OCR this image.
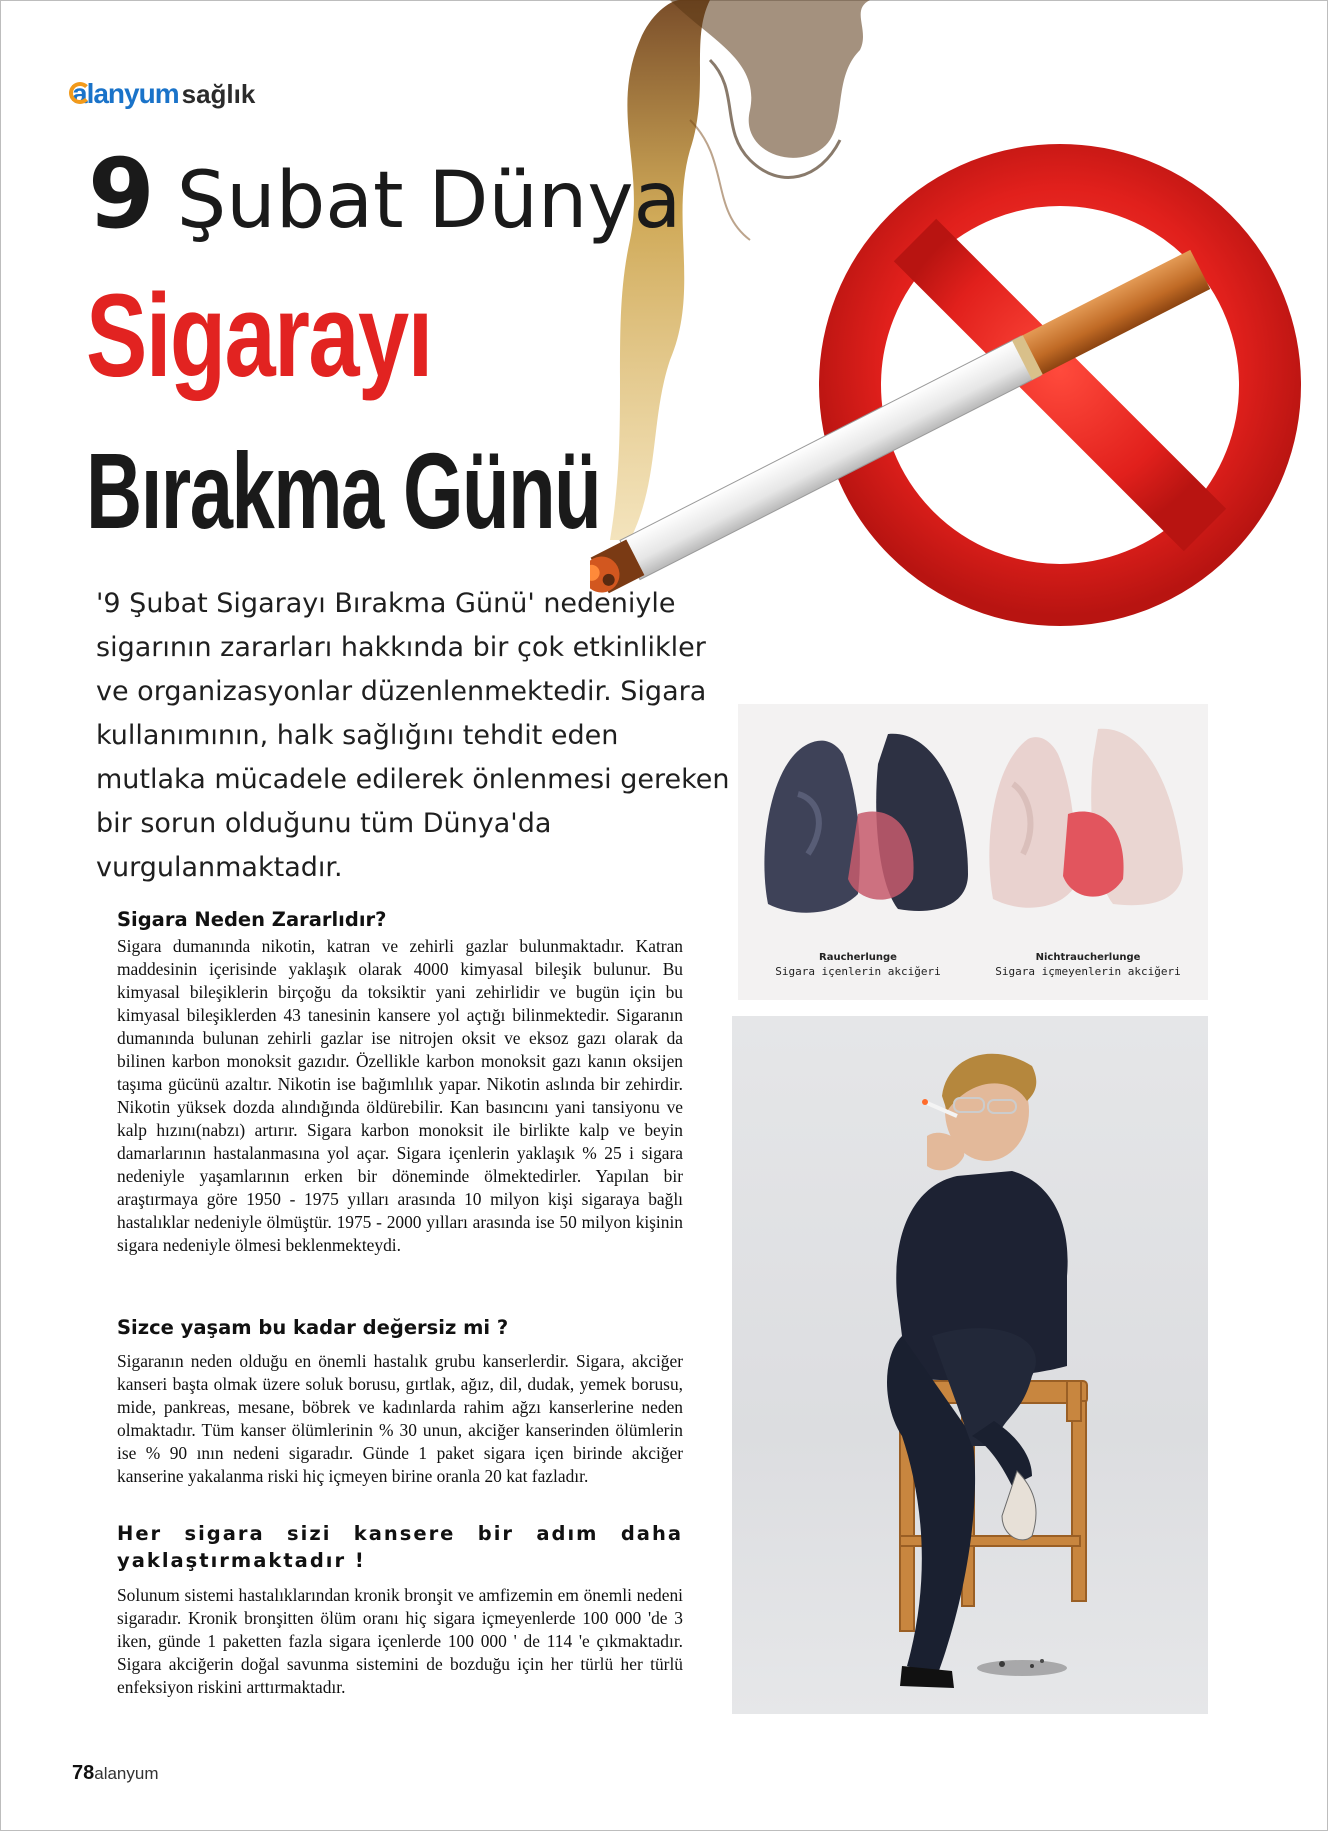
alanyum sağlık
9 Şubat Dünya
Sigarayı
Bırakma Günü
'9 Şubat Sigarayı Bırakma Günü' nedeniyle sigarının zararları hakkında bir çok etkinlikler ve organizasyonlar düzenlenmektedir. Sigara kullanımının, halk sağlığını tehdit eden mutlaka mücadele edilerek önlenmesi gereken bir sorun olduğunu tüm Dünya'da vurgulanmaktadır.
Raucherlunge
Sigara içenlerin akciğeri
Nichtraucherlunge
Sigara içmeyenlerin akciğeri
Sigara Neden Zararlıdır?
Sigara dumanında nikotin, katran ve zehirli gazlar bulunmaktadır. Katran maddesinin içerisinde yaklaşık olarak 4000 kimyasal bileşik bulunur. Bu kimyasal bileşiklerin birçoğu da toksiktir yani zehirlidir ve bugün için bu kimyasal bileşiklerden 43 tanesinin kansere yol açtığı bilinmektedir. Sigaranın dumanında bulunan zehirli gazlar ise nitrojen oksit ve eksoz gazı olarak da bilinen karbon monoksit gazıdır. Özellikle karbon monoksit gazı kanın oksijen taşıma gücünü azaltır. Nikotin ise bağımlılık yapar. Nikotin aslında bir zehirdir. Nikotin yüksek dozda alındığında öldürebilir. Kan basıncını yani tansiyonu ve kalp hızını(nabzı) artırır. Sigara karbon monoksit ile birlikte kalp ve beyin damarlarının hastalanmasına yol açar. Sigara içenlerin yaklaşık % 25 i sigara nedeniyle yaşamlarının erken bir döneminde ölmektedirler. Yapılan bir araştırmaya göre 1950 - 1975 yılları arasında 10 milyon kişi sigaraya bağlı hastalıklar nedeniyle ölmüştür. 1975 - 2000 yılları arasında ise 50 milyon kişinin sigara nedeniyle ölmesi beklenmekteydi.
Sizce yaşam bu kadar değersiz mi ?
Sigaranın neden olduğu en önemli hastalık grubu kanserlerdir. Sigara, akciğer kanseri başta olmak üzere soluk borusu, gırtlak, ağız, dil, dudak, yemek borusu, mide, pankreas, mesane, böbrek ve kadınlarda rahim ağzı kanserlerine neden olmaktadır. Tüm kanser ölümlerinin % 30 unun, akciğer kanserinden ölümlerin ise % 90 ının nedeni sigaradır. Günde 1 paket sigara içen birinde akciğer kanserine yakalanma riski hiç içmeyen birine oranla 20 kat fazladır.
Her sigara sizi kansere bir adım daha yaklaştırmaktadır !
Solunum sistemi hastalıklarından kronik bronşit ve amfizemin em önemli nedeni sigaradır. Kronik bronşitten ölüm oranı hiç sigara içmeyenlerde 100 000 'de 3 iken, günde 1 paketten fazla sigara içenlerde 100 000 ' de 114 'e çıkmaktadır. Sigara akciğerin doğal savunma sistemini de bozduğu için her türlü her türlü enfeksiyon riskini arttırmaktadır.
78alanyum
